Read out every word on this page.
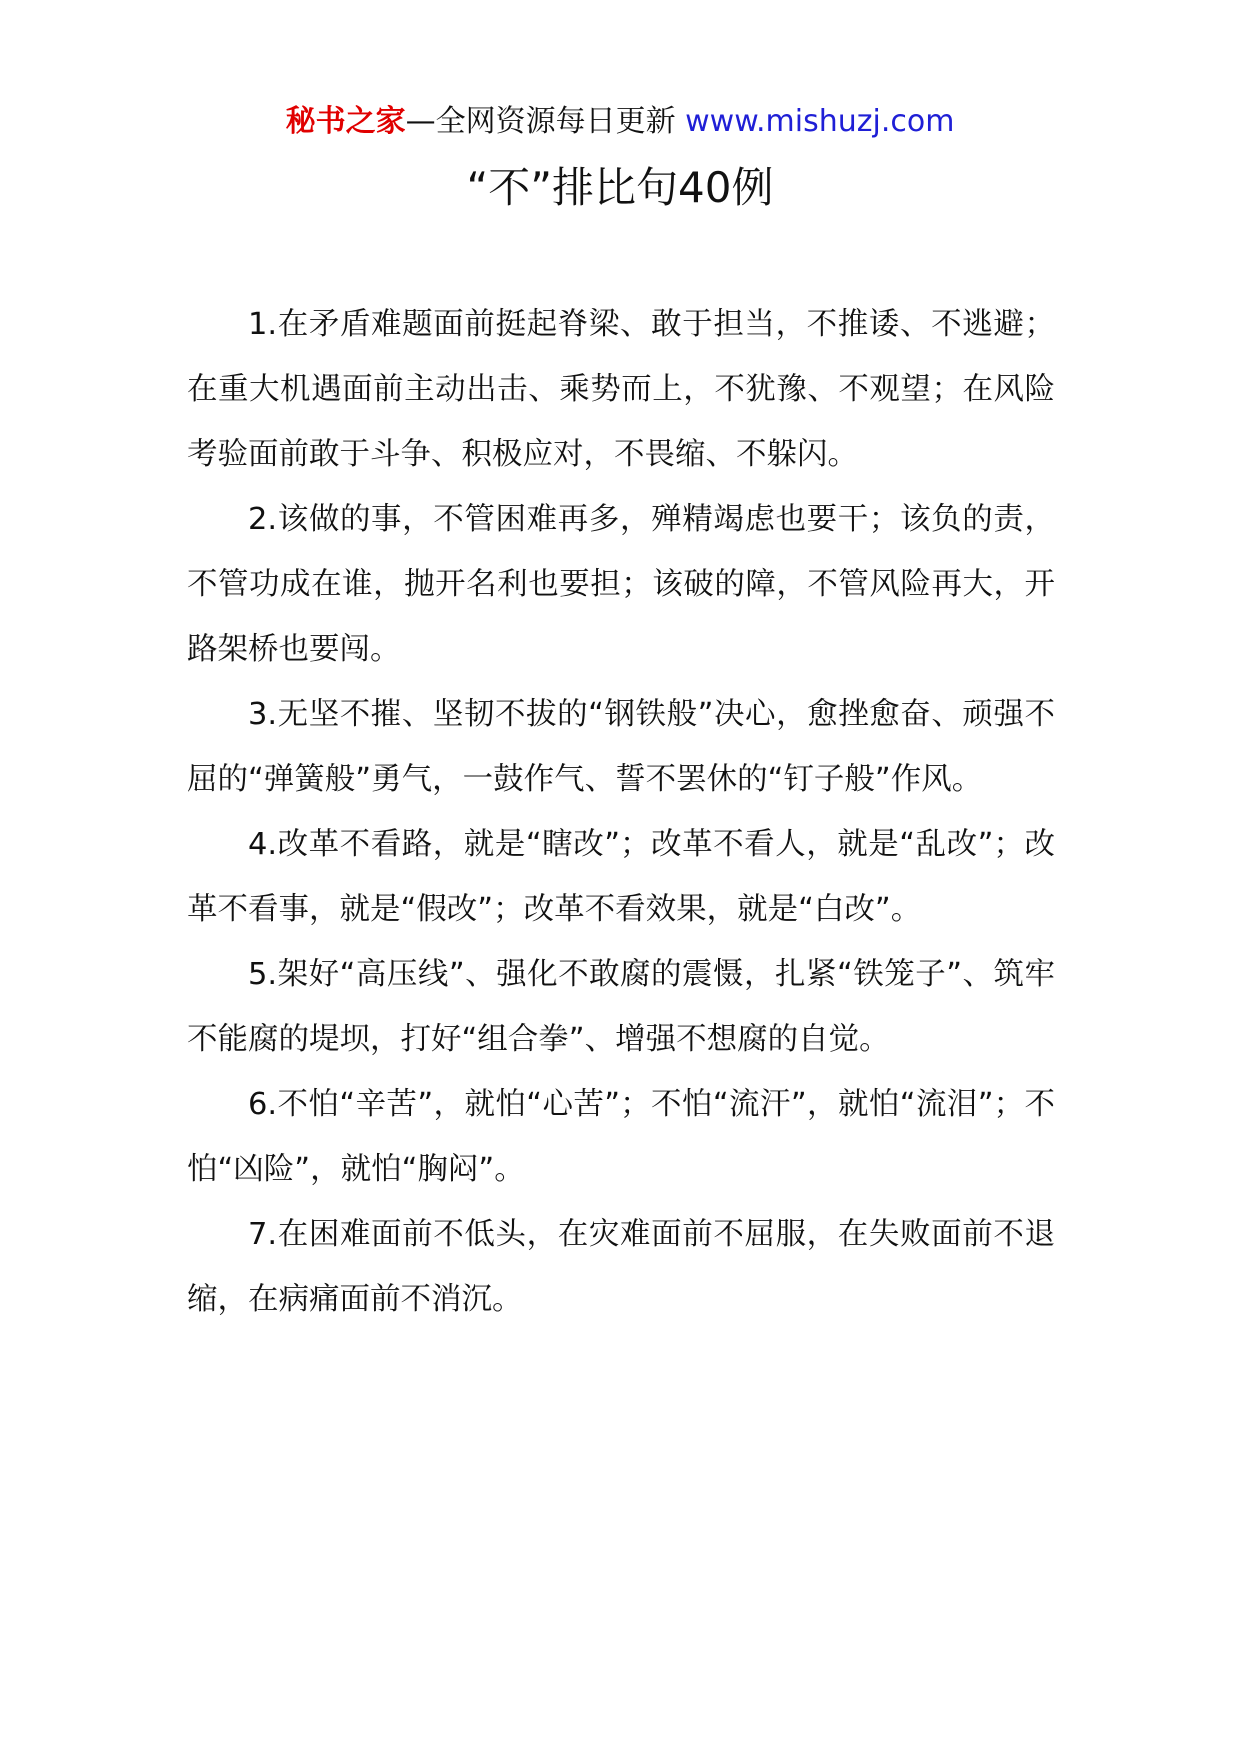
秘书之家—全网资源每日更新 www.mishuzj.com
“不”排比句40例

1.在矛盾难题面前挺起脊梁、敢于担当，不推诿、不逃避；在重大机遇面前主动出击、乘势而上，不犹豫、不观望；在风险考验面前敢于斗争、积极应对，不畏缩、不躲闪。

2.该做的事，不管困难再多，殚精竭虑也要干；该负的责，不管功成在谁，抛开名利也要担；该破的障，不管风险再大，开路架桥也要闯。

3.无坚不摧、坚韧不拔的“钢铁般”决心，愈挫愈奋、顽强不屈的“弹簧般”勇气，一鼓作气、誓不罢休的“钉子般”作风。

4.改革不看路，就是“瞎改”；改革不看人，就是“乱改”；改革不看事，就是“假改”；改革不看效果，就是“白改”。

5.架好“高压线”、强化不敢腐的震慑，扎紧“铁笼子”、筑牢不能腐的堤坝，打好“组合拳”、增强不想腐的自觉。

6.不怕“辛苦”，就怕“心苦”；不怕“流汗”，就怕“流泪”；不怕“凶险”，就怕“胸闷”。

7.在困难面前不低头，在灾难面前不屈服，在失败面前不退缩，在病痛面前不消沉。
